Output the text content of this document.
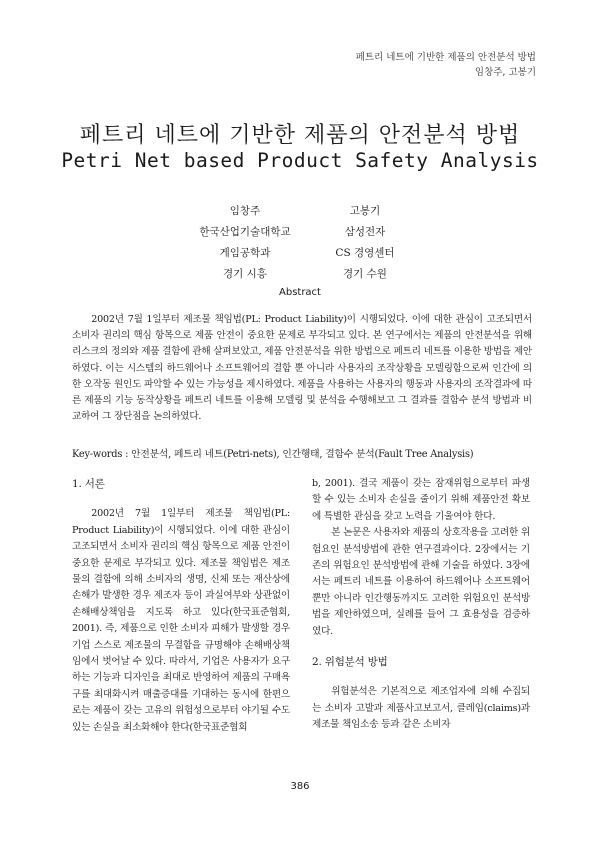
페트리 네트에 기반한 제품의 안전분석 방법
임창주, 고봉기
페트리 네트에 기반한 제품의 안전분석 방법
Petri Net based Product Safety Analysis
임창주
한국산업기술대학교
게임공학과
경기 시흥
고봉기
삼성전자
CS 경영센터
경기 수원
Abstract

2002년 7월 1일부터 제조물 책임법(PL: Product Liability)이 시행되었다. 이에 대한 관심이 고조되면서 소비자 권리의 핵심 항목으로 제품 안전이 중요한 문제로 부각되고 있다. 본 연구에서는 제품의 안전분석을 위해 리스크의 정의와 제품 결함에 관해 살펴보았고, 제품 안전분석을 위한 방법으로 페트리 네트를 이용한 방법을 제안하였다. 이는 시스템의 하드웨어나 소프트웨어의 결함 뿐 아니라 사용자의 조작상황을 모델링함으로써 인간에 의한 오작동 원인도 파악할 수 있는 가능성을 제시하였다. 제품을 사용하는 사용자의 행동과 사용자의 조작결과에 따른 제품의 기능 동작상황을 페트리 네트를 이용해 모델링 및 분석을 수행해보고 그 결과를 결함수 분석 방법과 비교하여 그 장단점을 논의하였다.

Key-words : 안전분석, 페트리 네트(Petri-nets), 인간행태, 결함수 분석(Fault Tree Analysis)

1. 서론

2002년 7월 1일부터 제조물 책임법(PL: Product Liability)이 시행되었다. 이에 대한 관심이 고조되면서 소비자 권리의 핵심 항목으로 제품 안전이 중요한 문제로 부각되고 있다. 제조물 책임법은 제조물의 결함에 의해 소비자의 생명, 신체 또는 재산상에 손해가 발생한 경우 제조자 등이 과실여부와 상관없이 손해배상책임을 지도록 하고 있다(한국표준협회, 2001). 즉, 제품으로 인한 소비자 피해가 발생할 경우 기업 스스로 제조물의 무결함을 규명해야 손해배상책임에서 벗어날 수 있다. 따라서, 기업은 사용자가 요구하는 기능과 디자인을 최대로 반영하여 제품의 구매욕구를 최대화시켜 매출증대를 기대하는 동시에 한편으로는 제품이 갖는 고유의 위험성으로부터 야기될 수도 있는 손실을 최소화해야 한다(한국표준협회

b, 2001). 결국 제품이 갖는 잠재위험으로부터 파생할 수 있는 소비자 손실을 줄이기 위해 제품안전 확보에 특별한 관심을 갖고 노력을 기울여야 한다.

본 논문은 사용자와 제품의 상호작용을 고려한 위험요인 분석방법에 관한 연구결과이다. 2장에서는 기존의 위험요인 분석방법에 관해 기술을 하였다. 3장에서는 페트리 네트를 이용하여 하드웨어나 소프트웨어뿐만 아니라 인간행동까지도 고려한 위험요인 분석방법을 제안하였으며, 실례를 들어 그 효용성을 검증하였다.

2. 위험분석 방법

위험분석은 기본적으로 제조업자에 의해 수집되는 소비자 고발과 제품사고보고서, 클레임(claims)과 제조물 책임소송 등과 같은 소비자

386
